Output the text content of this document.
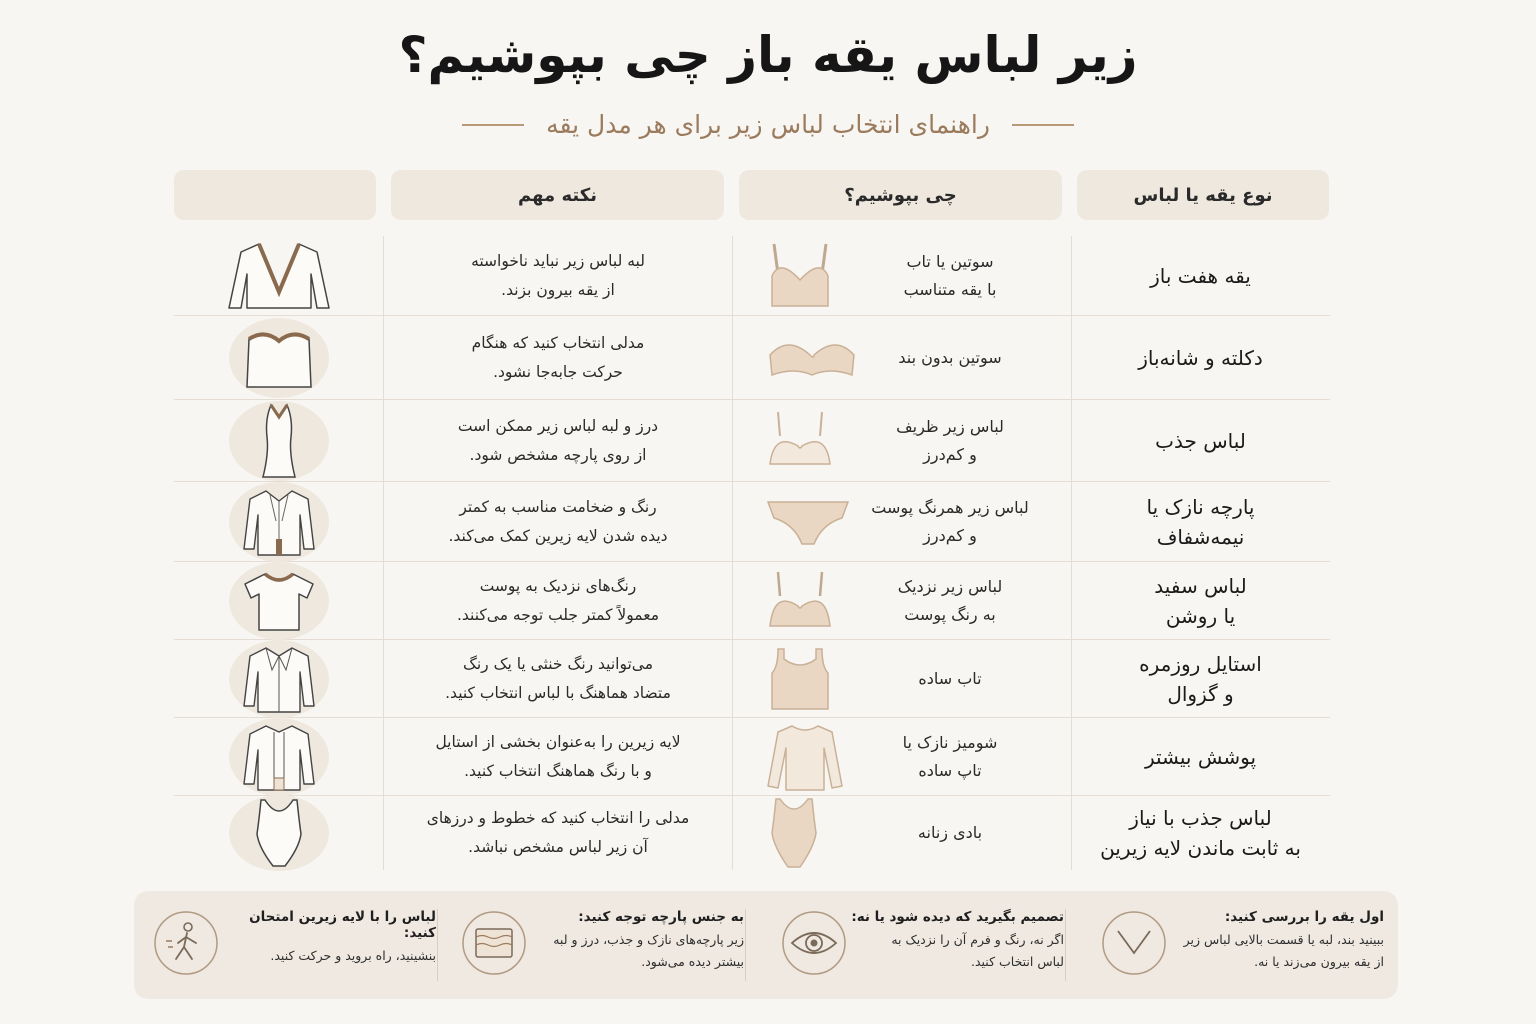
زیر لباس یقه باز چی بپوشیم؟
راهنمای انتخاب لباس زیر برای هر مدل یقه
نوع یقه یا لباس
چی بپوشیم؟
نکته مهم
یقه هفت باز
سوتین یا تاب
با یقه متناسب
لبه لباس زیر نباید ناخواسته
از یقه بیرون بزند.
دکلته و شانه‌باز
سوتین بدون بند
مدلی انتخاب کنید که هنگام
حرکت جابه‌جا نشود.
لباس جذب
لباس زیر ظریف
و کم‌درز
درز و لبه لباس زیر ممکن است
از روی پارچه مشخص شود.
پارچه نازک یا
نیمه‌شفاف
لباس زیر همرنگ پوست
و کم‌درز
رنگ و ضخامت مناسب به کمتر
دیده شدن لایه زیرین کمک می‌کند.
لباس سفید
یا روشن
لباس زیر نزدیک
به رنگ پوست
رنگ‌های نزدیک به پوست
معمولاً کمتر جلب توجه می‌کنند.
استایل روزمره
و گزوال
تاب ساده
می‌توانید رنگ خنثی یا یک رنگ
متضاد هماهنگ با لباس انتخاب کنید.
پوشش بیشتر
شومیز نازک یا
تاپ ساده
لایه زیرین را به‌عنوان بخشی از استایل
و با رنگ هماهنگ انتخاب کنید.
لباس جذب با نیاز
به ثابت ماندن لایه زیرین
بادی زنانه
مدلی را انتخاب کنید که خطوط و درزهای
آن زیر لباس مشخص نباشد.
اول یقه را بررسی کنید:
ببینید بند، لبه یا قسمت بالایی لباس زیر
از یقه بیرون می‌زند یا نه.
تصمیم بگیرید که دیده شود یا نه:
اگر نه، رنگ و فرم آن را نزدیک به
لباس انتخاب کنید.
به جنس پارچه توجه کنید:
زیر پارچه‌های نازک و جذب، درز و لبه
بیشتر دیده می‌شود.
لباس را با لایه زیرین امتحان کنید:
بنشینید، راه بروید و حرکت کنید.
